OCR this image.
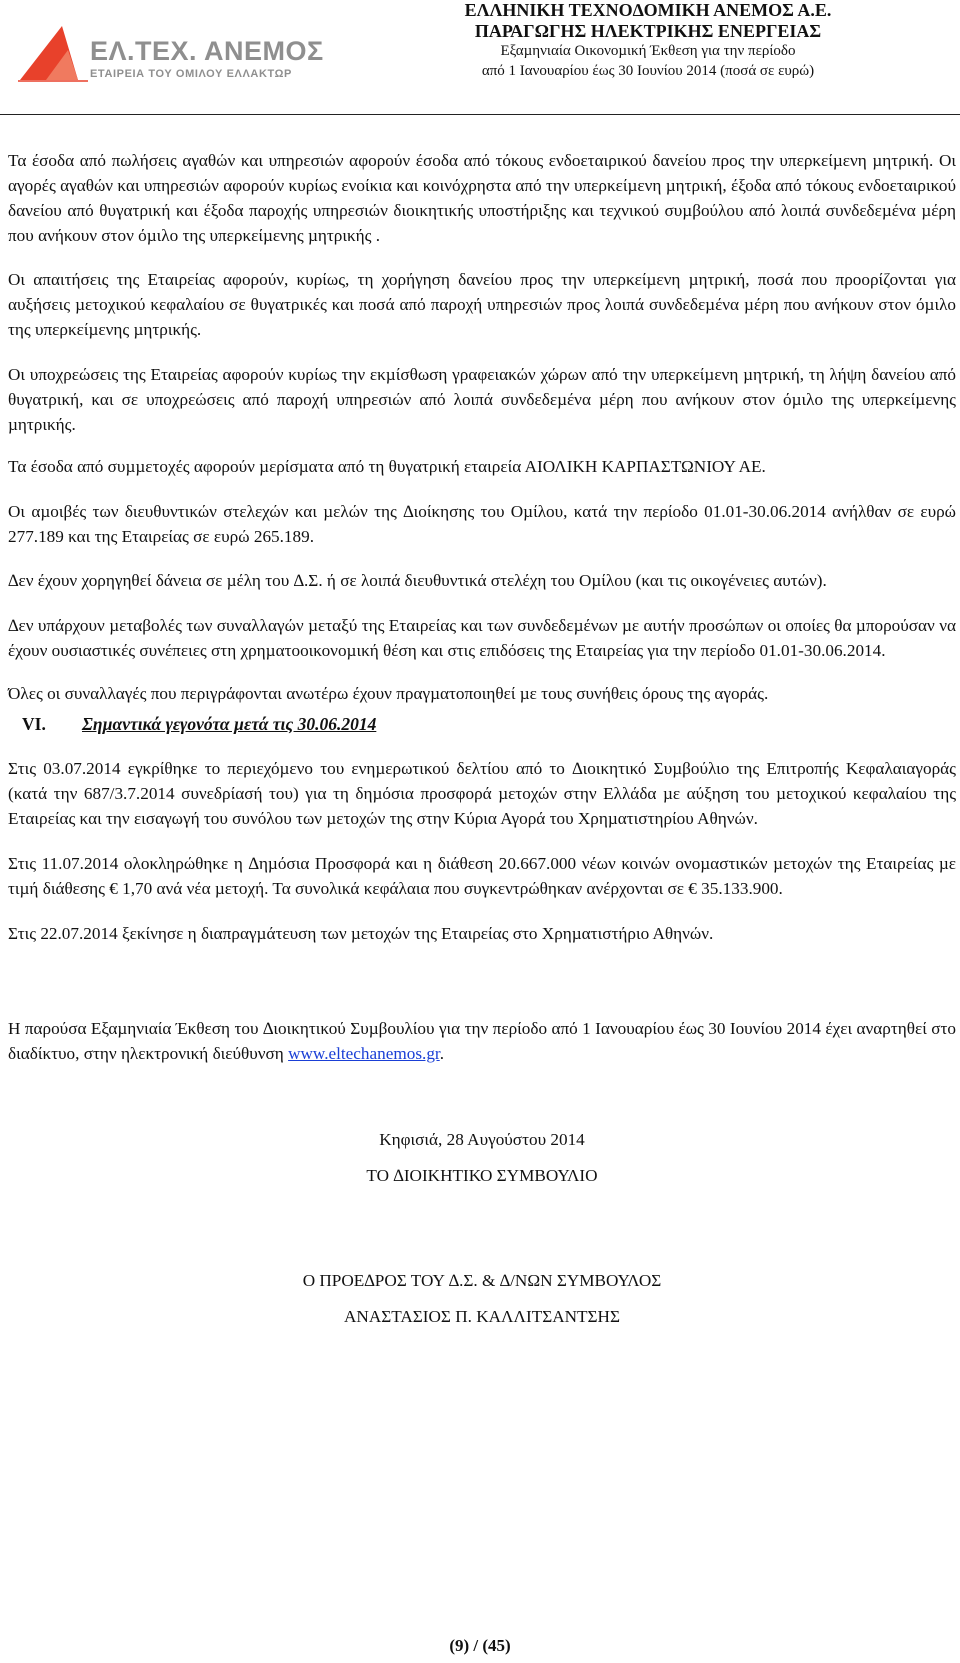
ΕΛ.ΤΕΧ. ΑΝΕΜΟΣ
ΕΤΑΙΡΕΙΑ ΤΟΥ ΟΜΙΛΟΥ ΕΛΛΑΚΤΩΡ
ΕΛΛΗΝΙΚΗ ΤΕΧΝΟ∆ΟΜΙΚΗ ΑΝΕΜΟΣ Α.Ε.
ΠΑΡΑΓΩΓΗΣ ΗΛΕΚΤΡΙΚΗΣ ΕΝΕΡΓΕΙΑΣ
Εξαµηνιαία Οικονοµική Έκθεση για την περίοδο
από 1 Ιανουαρίου έως 30 Ιουνίου 2014 (ποσά σε ευρώ)

Τα έσοδα από πωλήσεις αγαθών και υπηρεσιών αφορούν έσοδα από τόκους ενδοεταιρικού δανείου προς την υπερκείµενη µητρική. Οι αγορές αγαθών και υπηρεσιών αφορούν κυρίως ενοίκια και κοινόχρηστα από την υπερκείµενη µητρική, έξοδα από τόκους ενδοεταιρικού δανείου από θυγατρική και έξοδα παροχής υπηρεσιών διοικητικής υποστήριξης και τεχνικού συµβούλου από λοιπά συνδεδεµένα µέρη που ανήκουν στον όµιλο της υπερκείµενης µητρικής .

Οι απαιτήσεις της Εταιρείας αφορούν, κυρίως, τη χορήγηση δανείου προς την υπερκείµενη µητρική, ποσά που προορίζονται για αυξήσεις µετοχικού κεφαλαίου σε θυγατρικές και ποσά από παροχή υπηρεσιών προς λοιπά συνδεδεµένα µέρη που ανήκουν στον όµιλο της υπερκείµενης µητρικής.

Οι υποχρεώσεις της Εταιρείας αφορούν κυρίως την εκµίσθωση γραφειακών χώρων από την υπερκείµενη µητρική, τη λήψη δανείου από θυγατρική, και σε υποχρεώσεις από παροχή υπηρεσιών από λοιπά συνδεδεµένα µέρη που ανήκουν στον όµιλο της υπερκείµενης µητρικής.

Τα έσοδα από συµµετοχές αφορούν µερίσµατα από τη θυγατρική εταιρεία ΑΙΟΛΙΚΗ ΚΑΡΠΑΣΤΩΝΙΟΥ ΑΕ.

Οι αµοιβές των διευθυντικών στελεχών και µελών της ∆ιοίκησης του Οµίλου, κατά την περίοδο 01.01-30.06.2014 ανήλθαν σε ευρώ 277.189 και της Εταιρείας σε ευρώ 265.189.

∆εν έχουν χορηγηθεί δάνεια σε µέλη του ∆.Σ. ή σε λοιπά διευθυντικά στελέχη του Οµίλου (και τις οικογένειες αυτών).

∆εν υπάρχουν µεταβολές των συναλλαγών µεταξύ της Εταιρείας και των συνδεδεµένων µε αυτήν προσώπων οι οποίες θα µπορούσαν να έχουν ουσιαστικές συνέπειες στη χρηµατοοικονοµική θέση και στις επιδόσεις της Εταιρείας για την περίοδο 01.01-30.06.2014.

Όλες οι συναλλαγές που περιγράφονται ανωτέρω έχουν πραγµατοποιηθεί µε τους συνήθεις όρους της αγοράς.

VI. Σηµαντικά γεγονότα µετά τις 30.06.2014

Στις 03.07.2014 εγκρίθηκε το περιεχόµενο του ενηµερωτικού δελτίου από το ∆ιοικητικό Συµβούλιο της Επιτροπής Κεφαλαιαγοράς (κατά την 687/3.7.2014 συνεδρίασή του) για τη δηµόσια προσφορά µετοχών στην Ελλάδα µε αύξηση του µετοχικού κεφαλαίου της Εταιρείας και την εισαγωγή του συνόλου των µετοχών της στην Κύρια Αγορά του Χρηµατιστηρίου Αθηνών.

Στις 11.07.2014 ολοκληρώθηκε η ∆ηµόσια Προσφορά και η διάθεση 20.667.000 νέων κοινών ονοµαστικών µετοχών της Εταιρείας µε τιµή διάθεσης € 1,70 ανά νέα µετοχή. Τα συνολικά κεφάλαια που συγκεντρώθηκαν ανέρχονται σε € 35.133.900.

Στις 22.07.2014 ξεκίνησε η διαπραγµάτευση των µετοχών της Εταιρείας στο Χρηµατιστήριο Αθηνών.

Η παρούσα Εξαµηνιαία Έκθεση του ∆ιοικητικού Συµβουλίου για την περίοδο από 1 Ιανουαρίου έως 30 Ιουνίου 2014 έχει αναρτηθεί στο διαδίκτυο, στην ηλεκτρονική διεύθυνση www.eltechanemos.gr.

Κηφισιά, 28 Αυγούστου 2014

ΤΟ ∆ΙΟΙΚΗΤΙΚΟ ΣΥΜΒΟΥΛΙΟ

Ο ΠΡΟΕ∆ΡΟΣ ΤΟΥ ∆.Σ. & ∆/ΝΩΝ ΣΥΜΒΟΥΛΟΣ

ΑΝΑΣΤΑΣΙΟΣ Π. ΚΑΛΛΙΤΣΑΝΤΣΗΣ

(9) / (45)
